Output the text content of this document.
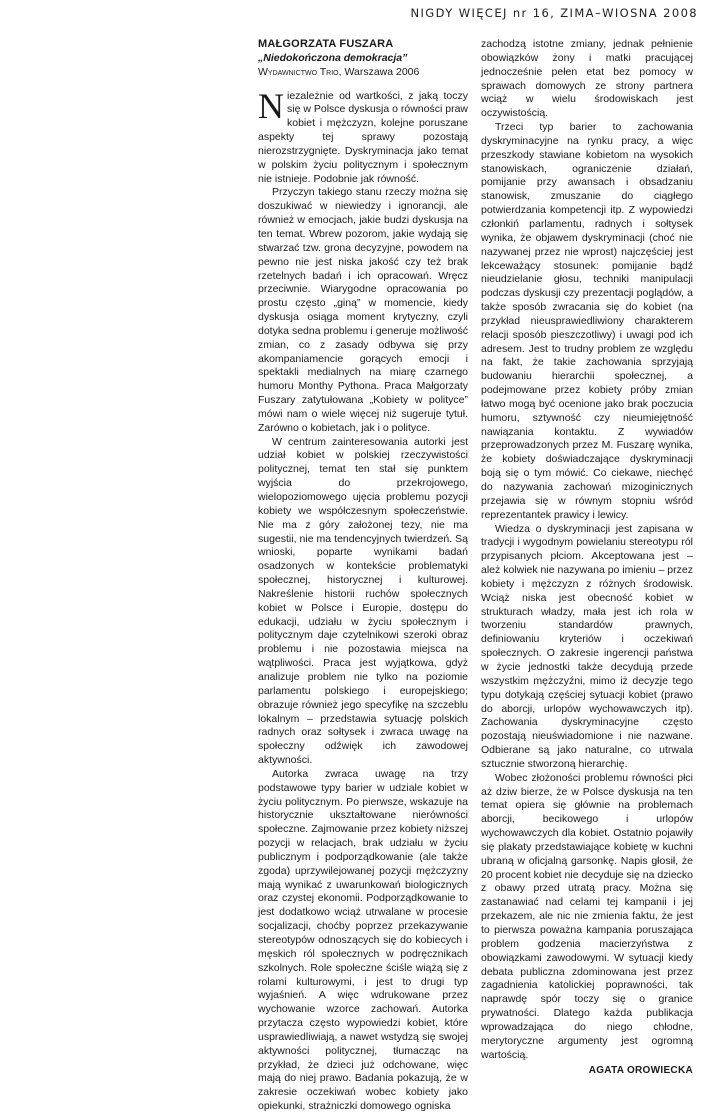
NIGDY WIĘCEJ nr 16, ZIMA–WIOSNA 2008
MAŁGORZATA FUSZARA
„Niedokończona demokracja”
Wydawnictwo Trio, Warszawa 2006

Niezależnie od wartkości, z jaką toczy się w Polsce dyskusja o równości praw kobiet i mężczyzn, kolejne poruszane aspekty tej sprawy pozostają nierozstrzygnięte. Dyskryminacja jako temat w polskim życiu politycznym i społecznym nie istnieje. Podobnie jak równość.

Przyczyn takiego stanu rzeczy można się doszukiwać w niewiedzy i ignorancji, ale również w emocjach, jakie budzi dyskusja na ten temat. Wbrew pozorom, jakie wydają się stwarzać tzw. grona decyzyjne, powodem na pewno nie jest niska jakość czy też brak rzetelnych badań i ich opracowań. Wręcz przeciwnie. Wiarygodne opracowania po prostu często „giną” w momencie, kiedy dyskusja osiąga moment krytyczny, czyli dotyka sedna problemu i generuje możliwość zmian, co z zasady odbywa się przy akompaniamencie gorących emocji i spektakli medialnych na miarę czarnego humoru Monthy Pythona. Praca Małgorzaty Fuszary zatytułowana „Kobiety w polityce” mówi nam o wiele więcej niż sugeruje tytuł. Zarówno o kobietach, jak i o polityce.

W centrum zainteresowania autorki jest udział kobiet w polskiej rzeczywistości politycznej, temat ten stał się punktem wyjścia do przekrojowego, wielopoziomowego ujęcia problemu pozycji kobiety we współczesnym społeczeństwie. Nie ma z góry założonej tezy, nie ma sugestii, nie ma tendencyjnych twierdzeń. Są wnioski, poparte wynikami badań osadzonych w kontekście problematyki społecznej, historycznej i kulturowej. Nakreślenie historii ruchów społecznych kobiet w Polsce i Europie, dostępu do edukacji, udziału w życiu społecznym i politycznym daje czytelnikowi szeroki obraz problemu i nie pozostawia miejsca na wątpliwości. Praca jest wyjątkowa, gdyż analizuje problem nie tylko na poziomie parlamentu polskiego i europejskiego; obrazuje również jego specyfikę na szczeblu lokalnym – przedstawia sytuację polskich radnych oraz sołtysek i zwraca uwagę na społeczny odźwięk ich zawodowej aktywności.

Autorka zwraca uwagę na trzy podstawowe typy barier w udziale kobiet w życiu politycznym. Po pierwsze, wskazuje na historycznie ukształtowane nierówności społeczne. Zajmowanie przez kobiety niższej pozycji w relacjach, brak udziału w życiu publicznym i podporządkowanie (ale także zgoda) uprzywilejowanej pozycji mężczyzny mają wynikać z uwarunkowań biologicznych oraz czystej ekonomii. Podporządkowanie to jest dodatkowo wciąż utrwalane w procesie socjalizacji, choćby poprzez przekazywanie stereotypów odnoszących się do kobiecych i męskich ról społecznych w podręcznikach szkolnych. Role społeczne ściśle wiążą się z rolami kulturowymi, i jest to drugi typ wyjaśnień. A więc wdrukowane przez wychowanie wzorce zachowań. Autorka przytacza często wypowiedzi kobiet, które usprawiedliwiają, a nawet wstydzą się swojej aktywności politycznej, tłumacząc na przykład, że dzieci już odchowane, więc mają do niej prawo. Badania pokazują, że w zakresie oczekiwań wobec kobiety jako opiekunki, strażniczki domowego ogniska

zachodzą istotne zmiany, jednak pełnienie obowiązków żony i matki pracującej jednocześnie pełen etat bez pomocy w sprawach domowych ze strony partnera wciąż w wielu środowiskach jest oczywistością.

Trzeci typ barier to zachowania dyskryminacyjne na rynku pracy, a więc przeszkody stawiane kobietom na wysokich stanowiskach, ograniczenie działań, pomijanie przy awansach i obsadzaniu stanowisk, zmuszanie do ciągłego potwierdzania kompetencji itp. Z wypowiedzi członkiń parlamentu, radnych i sołtysek wynika, że objawem dyskryminacji (choć nie nazywanej przez nie wprost) najczęściej jest lekceważący stosunek: pomijanie bądź nieudzielanie głosu, techniki manipulacji podczas dyskusji czy prezentacji poglądów, a także sposób zwracania się do kobiet (na przykład nieusprawiedliwiony charakterem relacji sposób pieszczotliwy) i uwagi pod ich adresem. Jest to trudny problem ze względu na fakt, że takie zachowania sprzyjają budowaniu hierarchii społecznej, a podejmowane przez kobiety próby zmian łatwo mogą być ocenione jako brak poczucia humoru, sztywność czy nieumiejętność nawiązania kontaktu. Z wywiadów przeprowadzonych przez M. Fuszarę wynika, że kobiety doświadczające dyskryminacji boją się o tym mówić. Co ciekawe, niechęć do nazywania zachowań mizoginicznych przejawia się w równym stopniu wśród reprezentantek prawicy i lewicy.

Wiedza o dyskryminacji jest zapisana w tradycji i wygodnym powielaniu stereotypu ról przypisanych płciom. Akceptowana jest – ależ kolwiek nie nazywana po imieniu – przez kobiety i mężczyzn z różnych środowisk. Wciąż niska jest obecność kobiet w strukturach władzy, mała jest ich rola w tworzeniu standardów prawnych, definiowaniu kryteriów i oczekiwań społecznych. O zakresie ingerencji państwa w życie jednostki także decydują przede wszystkim mężczyźni, mimo iż decyzje tego typu dotykają częściej sytuacji kobiet (prawo do aborcji, urlopów wychowawczych itp). Zachowania dyskryminacyjne często pozostają nieuświadomione i nie nazwane. Odbierane są jako naturalne, co utrwala sztucznie stworzoną hierarchię.

Wobec złożoności problemu równości płci aż dziw bierze, że w Polsce dyskusja na ten temat opiera się głównie na problemach aborcji, becikowego i urlopów wychowawczych dla kobiet. Ostatnio pojawiły się plakaty przedstawiające kobietę w kuchni ubraną w oficjalną garsonkę. Napis głosił, że 20 procent kobiet nie decyduje się na dziecko z obawy przed utratą pracy. Można się zastanawiać nad celami tej kampanii i jej przekazem, ale nic nie zmienia faktu, że jest to pierwsza poważna kampania poruszająca problem godzenia macierzyństwa z obowiązkami zawodowymi. W sytuacji kiedy debata publiczna zdominowana jest przez zagadnienia katolickiej poprawności, tak naprawdę spór toczy się o granice prywatności. Dlatego każda publikacja wprowadzająca do niego chłodne, merytoryczne argumenty jest ogromną wartością.

AGATA OROWIECKA
